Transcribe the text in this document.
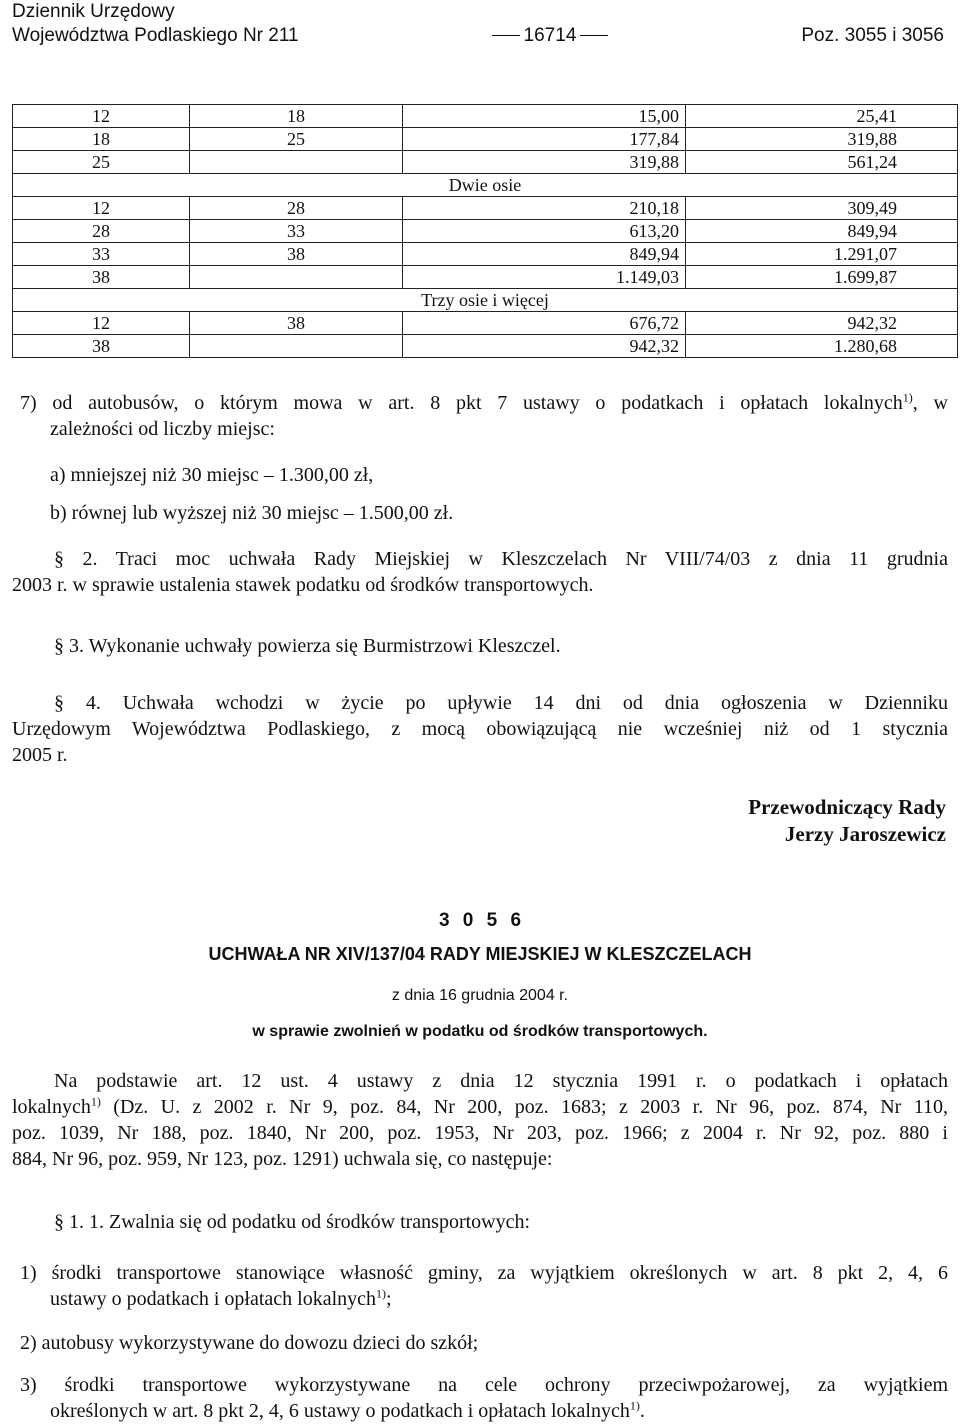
Dziennik Urzędowy
Województwa Podlaskiego Nr 211	16714	Poz. 3055 i 3056
12	18	15,00	25,41
18	25	177,84	319,88
25		319,88	561,24
Dwie osie			
12	28	210,18	309,49
28	33	613,20	849,94
33	38	849,94	1.291,07
38		1.149,03	1.699,87
Trzy osie i więcej			
12	38	676,72	942,32
38		942,32	1.280,68
7) od autobusów, o którym mowa w art. 8 pkt 7 ustawy o podatkach i opłatach lokalnych$^{1)}$, w
zależności od liczby miejsc:
a) mniejszej niż 30 miejsc – 1.300,00 zł,
b) równej lub wyższej niż 30 miejsc – 1.500,00 zł.
§ 2. Traci moc uchwała Rady Miejskiej w Kleszczelach Nr VIII/74/03 z dnia 11 grudnia
2003 r. w sprawie ustalenia stawek podatku od środków transportowych.
§ 3. Wykonanie uchwały powierza się Burmistrzowi Kleszczel.
§ 4. Uchwała wchodzi w życie po upływie 14 dni od dnia ogłoszenia w Dzienniku
Urzędowym Województwa Podlaskiego, z mocą obowiązującą nie wcześniej niż od 1 stycznia
2005 r.
Przewodniczący Rady
Jerzy Jaroszewicz
3 0 5 6
UCHWAŁA NR XIV/137/04 RADY MIEJSKIEJ W KLESZCZELACH
z dnia 16 grudnia 2004 r.
w sprawie zwolnień w podatku od środków transportowych.
Na podstawie art. 12 ust. 4 ustawy z dnia 12 stycznia 1991 r. o podatkach i opłatach
lokalnych$^{1)}$ (Dz. U. z 2002 r. Nr 9, poz. 84, Nr 200, poz. 1683; z 2003 r. Nr 96, poz. 874, Nr 110,
poz. 1039, Nr 188, poz. 1840, Nr 200, poz. 1953, Nr 203, poz. 1966; z 2004 r. Nr 92, poz. 880 i
884, Nr 96, poz. 959, Nr 123, poz. 1291) uchwala się, co następuje:
§ 1. 1. Zwalnia się od podatku od środków transportowych:
1) środki transportowe stanowiące własność gminy, za wyjątkiem określonych w art. 8 pkt 2, 4, 6
ustawy o podatkach i opłatach lokalnych$^{1)}$;
2) autobusy wykorzystywane do dowozu dzieci do szkół;
3) środki transportowe wykorzystywane na cele ochrony przeciwpożarowej, za wyjątkiem
określonych w art. 8 pkt 2, 4, 6 ustawy o podatkach i opłatach lokalnych$^{1)}$.
